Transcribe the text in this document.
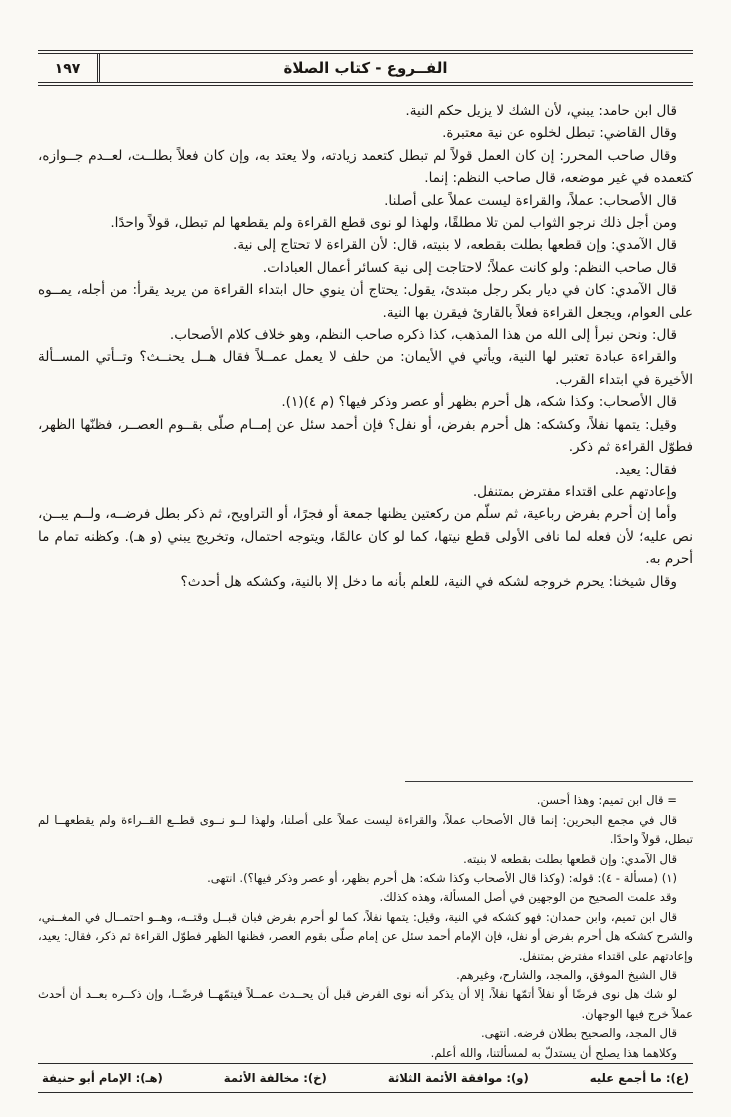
الفــروع - كتاب الصلاة
١٩٧

قال ابن حامد: يبني، لأن الشك لا يزيل حكم النية.

وقال القاضي: تبطل لخلوه عن نية معتبرة.

وقال صاحب المحرر: إن كان العمل قولاً لم تبطل كتعمد زيادته، ولا يعتد به، وإن كان فعلاً بطلــت، لعــدم جــوازه، كتعمده في غير موضعه، قال صاحب النظم: إنما.

قال الأصحاب: عملاً، والقراءة ليست عملاً على أصلنا.

ومن أجل ذلك نرجو الثواب لمن تلا مطلقًا، ولهذا لو نوى قطع القراءة ولم يقطعها لم تبطل، قولاً واحدًا.

قال الآمدي: وإن قطعها بطلت بقطعه، لا بنيته، قال: لأن القراءة لا تحتاج إلى نية.

قال صاحب النظم: ولو كانت عملاً؛ لاحتاجت إلى نية كسائر أعمال العبادات.

قال الآمدي: كان في ديار بكر رجل مبتدئ، يقول: يحتاج أن ينوي حال ابتداء القراءة من يريد يقرأ: من أجله، يمــوه على العوام، ويجعل القراءة فعلاً بالقارئ فيقرن بها النية.

قال: ونحن نبرأ إلى الله من هذا المذهب، كذا ذكره صاحب النظم، وهو خلاف كلام الأصحاب.

والقراءة عبادة تعتبر لها النية، ويأتي في الأيمان: من حلف لا يعمل عمــلاً فقال هــل يحنــث؟ وتــأتي المســألة الأخيرة في ابتداء القرب.

قال الأصحاب: وكذا شكه، هل أحرم بظهر أو عصر وذكر فيها؟ (م ٤)(١).

وقيل: يتمها نفلاً، وكشكه: هل أحرم بفرض، أو نفل؟ فإن أحمد سئل عن إمــام صلّى بقــوم العصــر، فظنّها الظهر، فطوّل القراءة ثم ذكر.

فقال: يعيد.

وإعادتهم على اقتداء مفترض بمتنفل.

وأما إن أحرم بفرض رباعية، ثم سلّم من ركعتين يظنها جمعة أو فجرًا، أو التراويح، ثم ذكر بطل فرضــه، ولــم يبــن، نص عليه؛ لأن فعله لما نافى الأولى قطع نيتها، كما لو كان عالمًا، ويتوجه احتمال، وتخريج يبني (و هـ). وكظنه تمام ما أحرم به.

وقال شيخنا: يحرم خروجه لشكه في النية، للعلم بأنه ما دخل إلا بالنية، وكشكه هل أحدث؟

= قال ابن تميم: وهذا أحسن.

قال في مجمع البحرين: إنما قال الأصحاب عملاً، والقراءة ليست عملاً على أصلنا، ولهذا لــو نــوى قطــع القــراءة ولم يقطعهــا لم تبطل، قولاً واحدًا.

قال الآمدي: وإن قطعها بطلت بقطعه لا بنيته.

(١) (مسألة - ٤): قوله: (وكذا قال الأصحاب وكذا شكه: هل أحرم بظهر، أو عصر وذكر فيها؟). انتهى.

وقد علمت الصحيح من الوجهين في أصل المسألة، وهذه كذلك.

قال ابن تميم، وابن حمدان: فهو كشكه في النية، وقيل: يتمها نفلاً، كما لو أحرم بفرض فبان قبــل وقتــه، وهــو احتمــال في المغــني، والشرح كشكه هل أحرم بفرض أو نفل، فإن الإمام أحمد سئل عن إمام صلّى بقوم العصر، فظنها الظهر فطوّل القراءة ثم ذكر، فقال: يعيد، وإعادتهم على اقتداء مفترض بمتنفل.

قال الشيخ الموفق، والمجد، والشارح، وغيرهم.

لو شك هل نوى فرضًا أو نفلاً أتمّها نفلاً، إلا أن يذكر أنه نوى الفرض قبل أن يحــدث عمــلاً فيتمّهــا فرضًــا، وإن ذكــره بعــد أن أحدث عملاً خرج فيها الوجهان.

قال المجد، والصحيح بطلان فرضه. انتهى.

وكلاهما هذا يصلح أن يستدلّ به لمسألتنا، والله أعلم.

(ع): ما أجمع عليه
(و): موافقة الأئمة الثلاثة
(خ): مخالفة الأئمة
(هـ): الإمام أبو حنيفة
